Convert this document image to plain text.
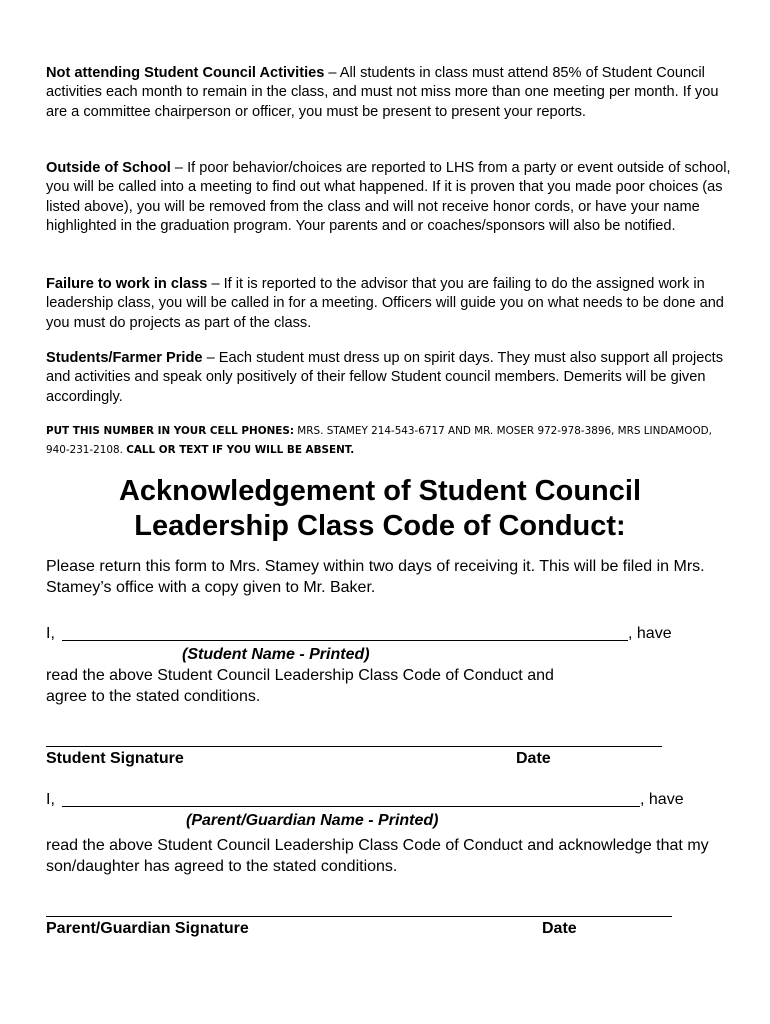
Not attending Student Council Activities – All students in class must attend 85% of Student Council activities each month to remain in the class, and must not miss more than one meeting per month. If you are a committee chairperson or officer, you must be present to present your reports.

Outside of School – If poor behavior/choices are reported to LHS from a party or event outside of school, you will be called into a meeting to find out what happened. If it is proven that you made poor choices (as listed above), you will be removed from the class and will not receive honor cords, or have your name highlighted in the graduation program. Your parents and or coaches/sponsors will also be notified.

Failure to work in class – If it is reported to the advisor that you are failing to do the assigned work in leadership class, you will be called in for a meeting. Officers will guide you on what needs to be done and you must do projects as part of the class.

Students/Farmer Pride – Each student must dress up on spirit days. They must also support all projects and activities and speak only positively of their fellow Student council members. Demerits will be given accordingly.

PUT THIS NUMBER IN YOUR CELL PHONES: MRS. STAMEY 214-543-6717 AND MR. MOSER 972-978-3896, MRS LINDAMOOD, 940-231-2108. CALL OR TEXT IF YOU WILL BE ABSENT.

Acknowledgement of Student Council
Leadership Class Code of Conduct:

Please return this form to Mrs. Stamey within two days of receiving it. This will be filed in Mrs. Stamey’s office with a copy given to Mr. Baker.

I,	, have
(Student Name - Printed)

read the above Student Council Leadership Class Code of Conduct and agree to the stated conditions.

Student Signature	Date
I,	, have
(Parent/Guardian Name - Printed)

read the above Student Council Leadership Class Code of Conduct and acknowledge that my son/daughter has agreed to the stated conditions.

Parent/Guardian Signature	Date
